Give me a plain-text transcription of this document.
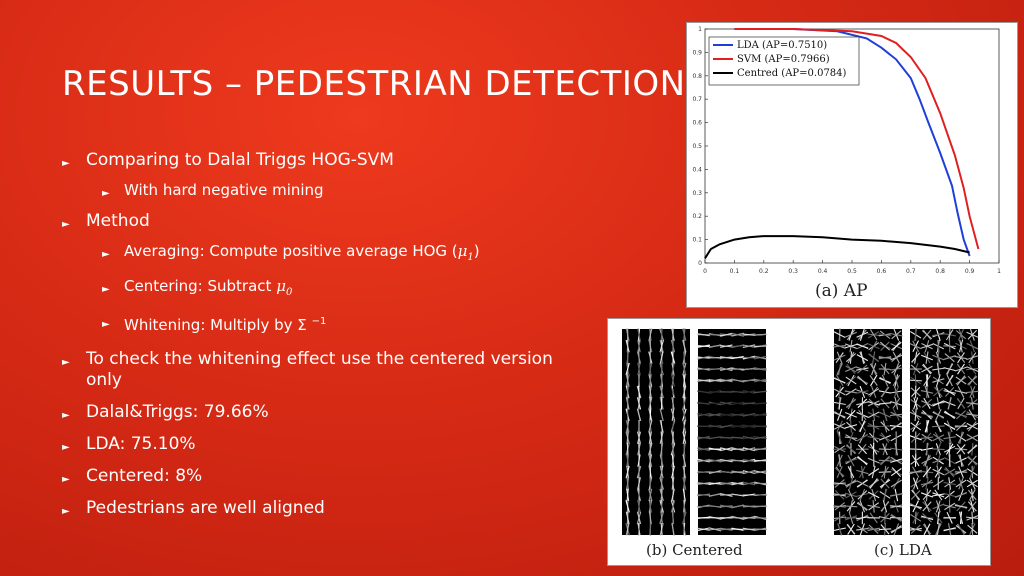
RESULTS – PEDESTRIAN DETECTION
► Comparing to Dalal Triggs HOG-SVM
► With hard negative mining
► Method
► Averaging: Compute positive average HOG $(\mu_1)$
► Centering: Subtract $\mu_0$
► Whitening: Multiply by Σ $^{-1}$
► To check the whitening effect use the centered version only
► Dalal&Triggs: 79.66%
► LDA: 75.10%
► Centered: 8%
► Pedestrians are well aligned
0	0.1	0.2	0.3	0.4	0.5	0.6	0.7	0.8	0.9	1
0
0.1
0.2
0.3
0.4
0.5
0.6
0.7
0.8
0.9
1
LDA (AP=0.7510)
SVM (AP=0.7966)
Centred (AP=0.0784)
(a) AP
(b) Centered	(c) LDA
